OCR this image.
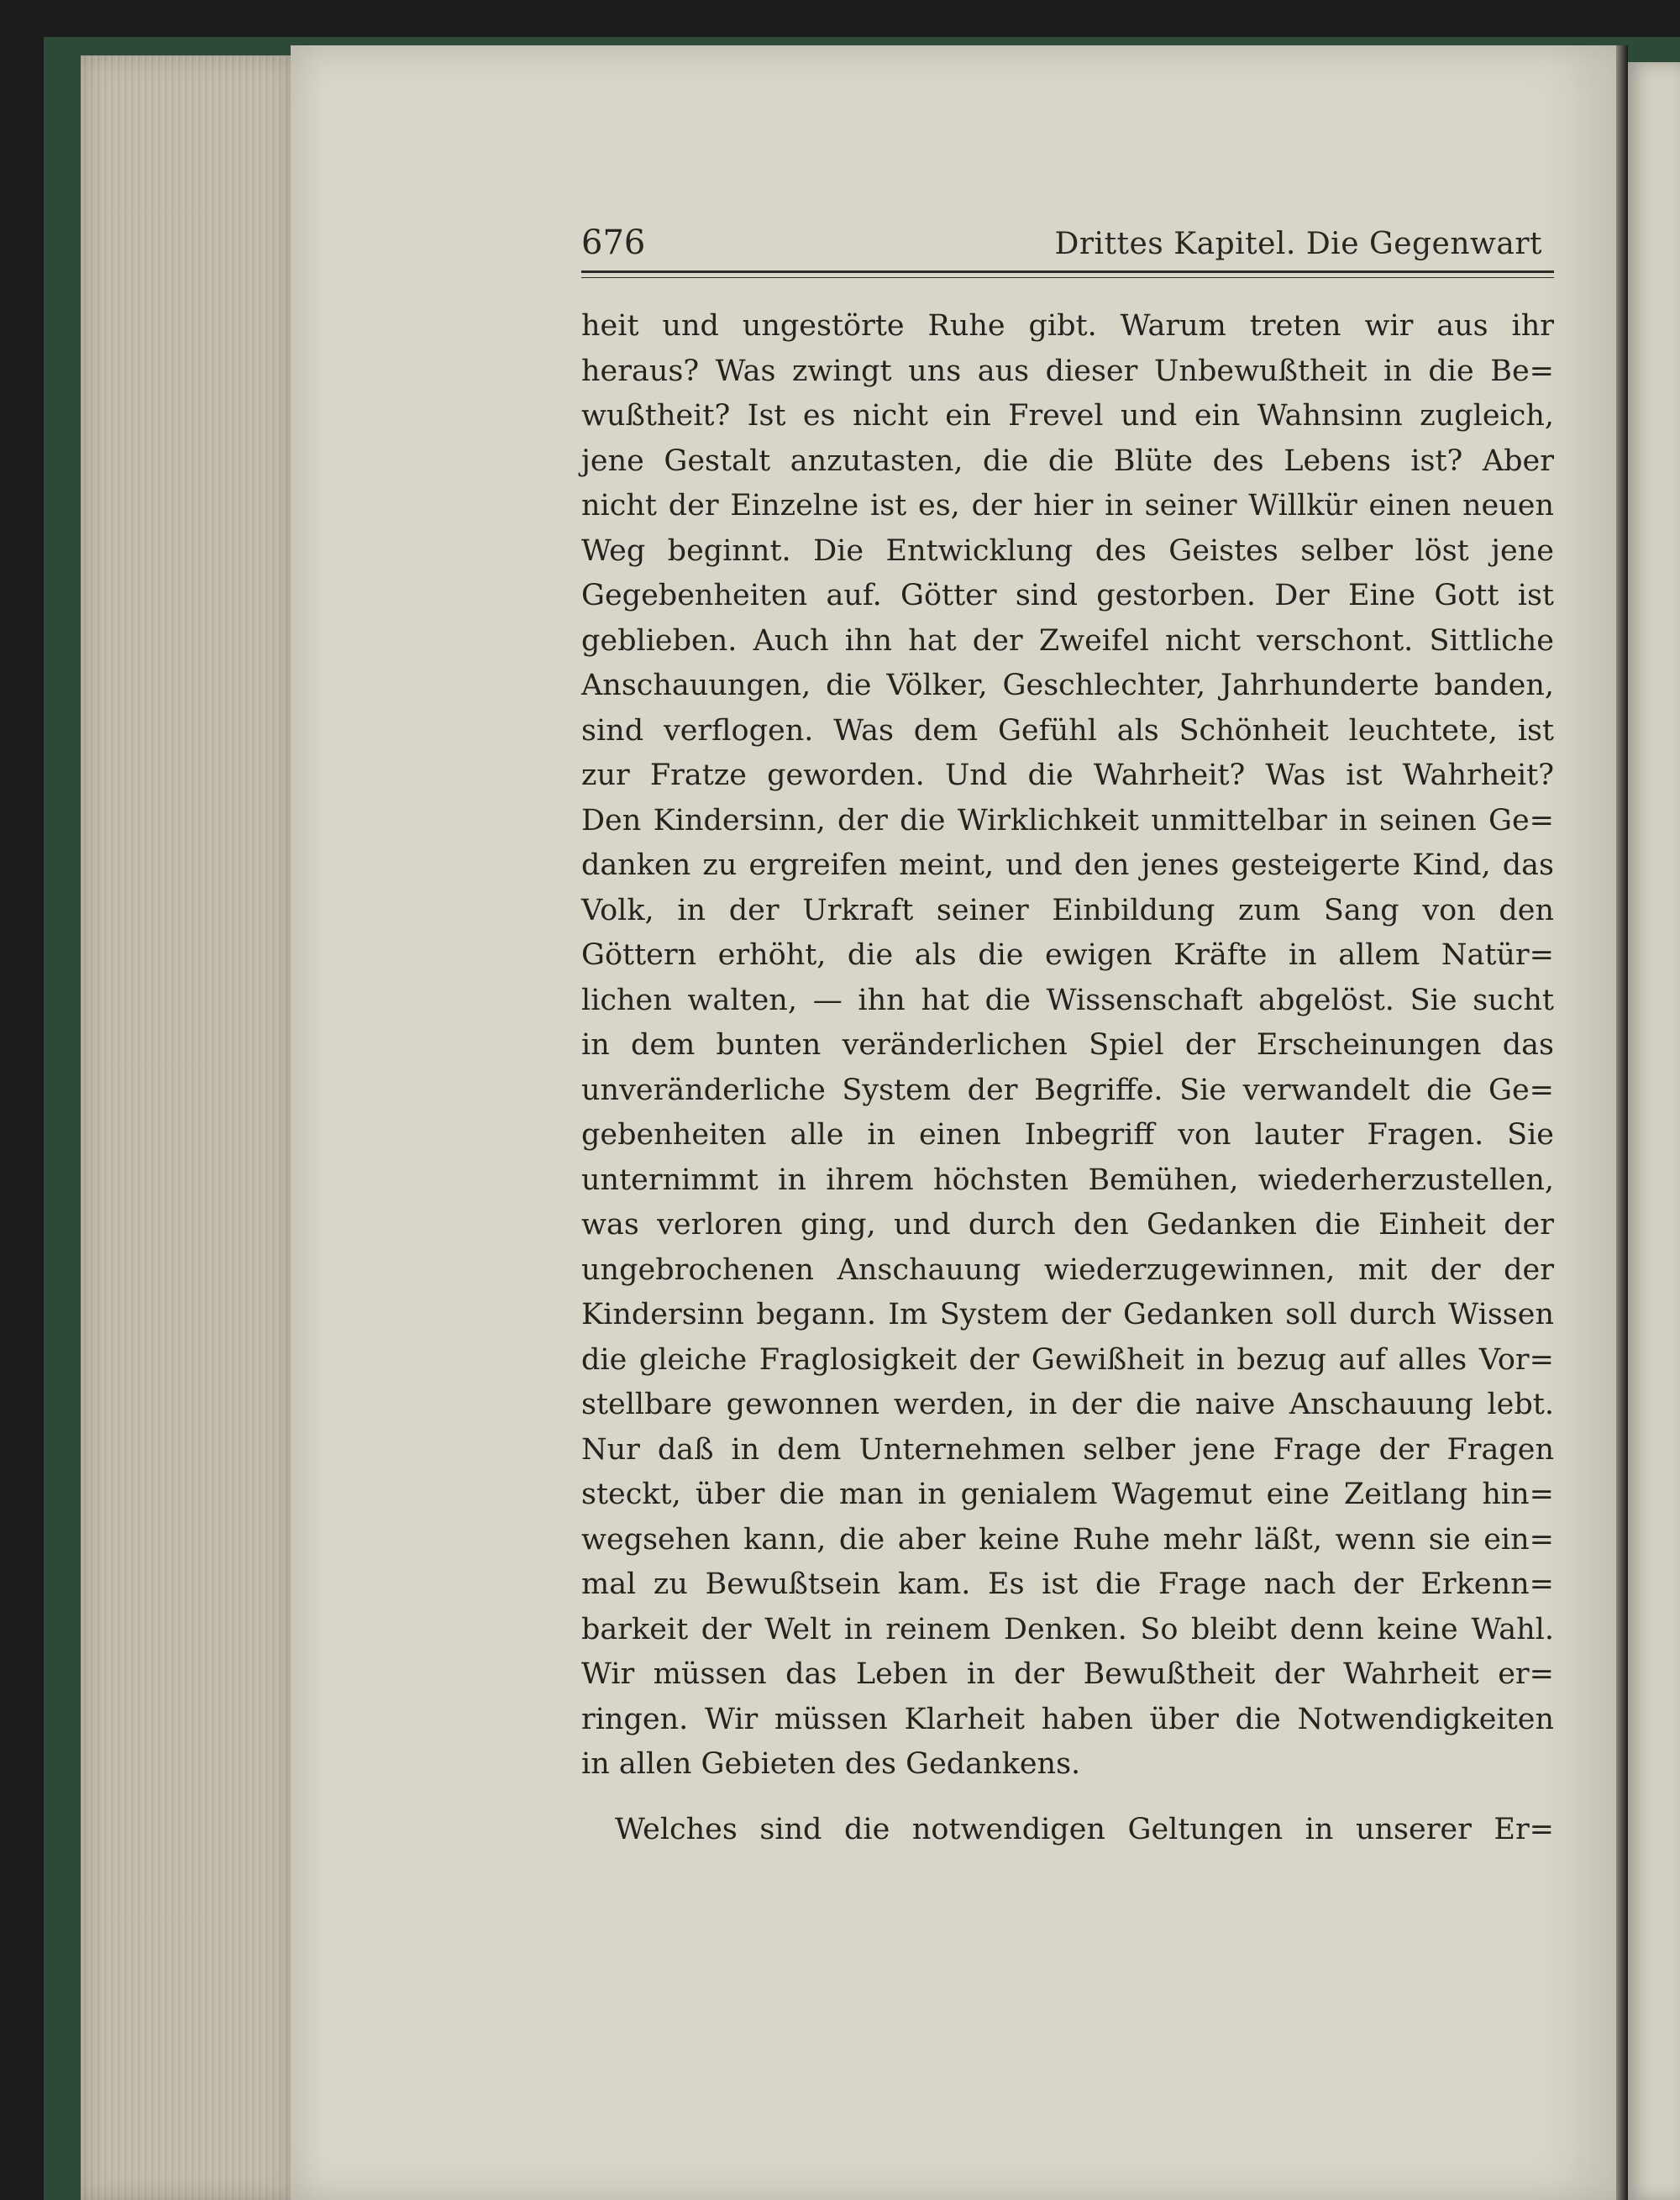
676	Drittes Kapitel. Die Gegenwart
heit und ungestörte Ruhe gibt. Warum treten wir aus ihr
heraus? Was zwingt uns aus dieser Unbewußtheit in die Be=
wußtheit? Ist es nicht ein Frevel und ein Wahnsinn zugleich,
jene Gestalt anzutasten, die die Blüte des Lebens ist? Aber
nicht der Einzelne ist es, der hier in seiner Willkür einen neuen
Weg beginnt. Die Entwicklung des Geistes selber löst jene
Gegebenheiten auf. Götter sind gestorben. Der Eine Gott ist
geblieben. Auch ihn hat der Zweifel nicht verschont. Sittliche
Anschauungen, die Völker, Geschlechter, Jahrhunderte banden,
sind verflogen. Was dem Gefühl als Schönheit leuchtete, ist
zur Fratze geworden. Und die Wahrheit? Was ist Wahrheit?
Den Kindersinn, der die Wirklichkeit unmittelbar in seinen Ge=
danken zu ergreifen meint, und den jenes gesteigerte Kind, das
Volk, in der Urkraft seiner Einbildung zum Sang von den
Göttern erhöht, die als die ewigen Kräfte in allem Natür=
lichen walten, — ihn hat die Wissenschaft abgelöst. Sie sucht
in dem bunten veränderlichen Spiel der Erscheinungen das
unveränderliche System der Begriffe. Sie verwandelt die Ge=
gebenheiten alle in einen Inbegriff von lauter Fragen. Sie
unternimmt in ihrem höchsten Bemühen, wiederherzustellen,
was verloren ging, und durch den Gedanken die Einheit der
ungebrochenen Anschauung wiederzugewinnen, mit der der
Kindersinn begann. Im System der Gedanken soll durch Wissen
die gleiche Fraglosigkeit der Gewißheit in bezug auf alles Vor=
stellbare gewonnen werden, in der die naive Anschauung lebt.
Nur daß in dem Unternehmen selber jene Frage der Fragen
steckt, über die man in genialem Wagemut eine Zeitlang hin=
wegsehen kann, die aber keine Ruhe mehr läßt, wenn sie ein=
mal zu Bewußtsein kam. Es ist die Frage nach der Erkenn=
barkeit der Welt in reinem Denken. So bleibt denn keine Wahl.
Wir müssen das Leben in der Bewußtheit der Wahrheit er=
ringen. Wir müssen Klarheit haben über die Notwendigkeiten
in allen Gebieten des Gedankens.
Welches sind die notwendigen Geltungen in unserer Er=
